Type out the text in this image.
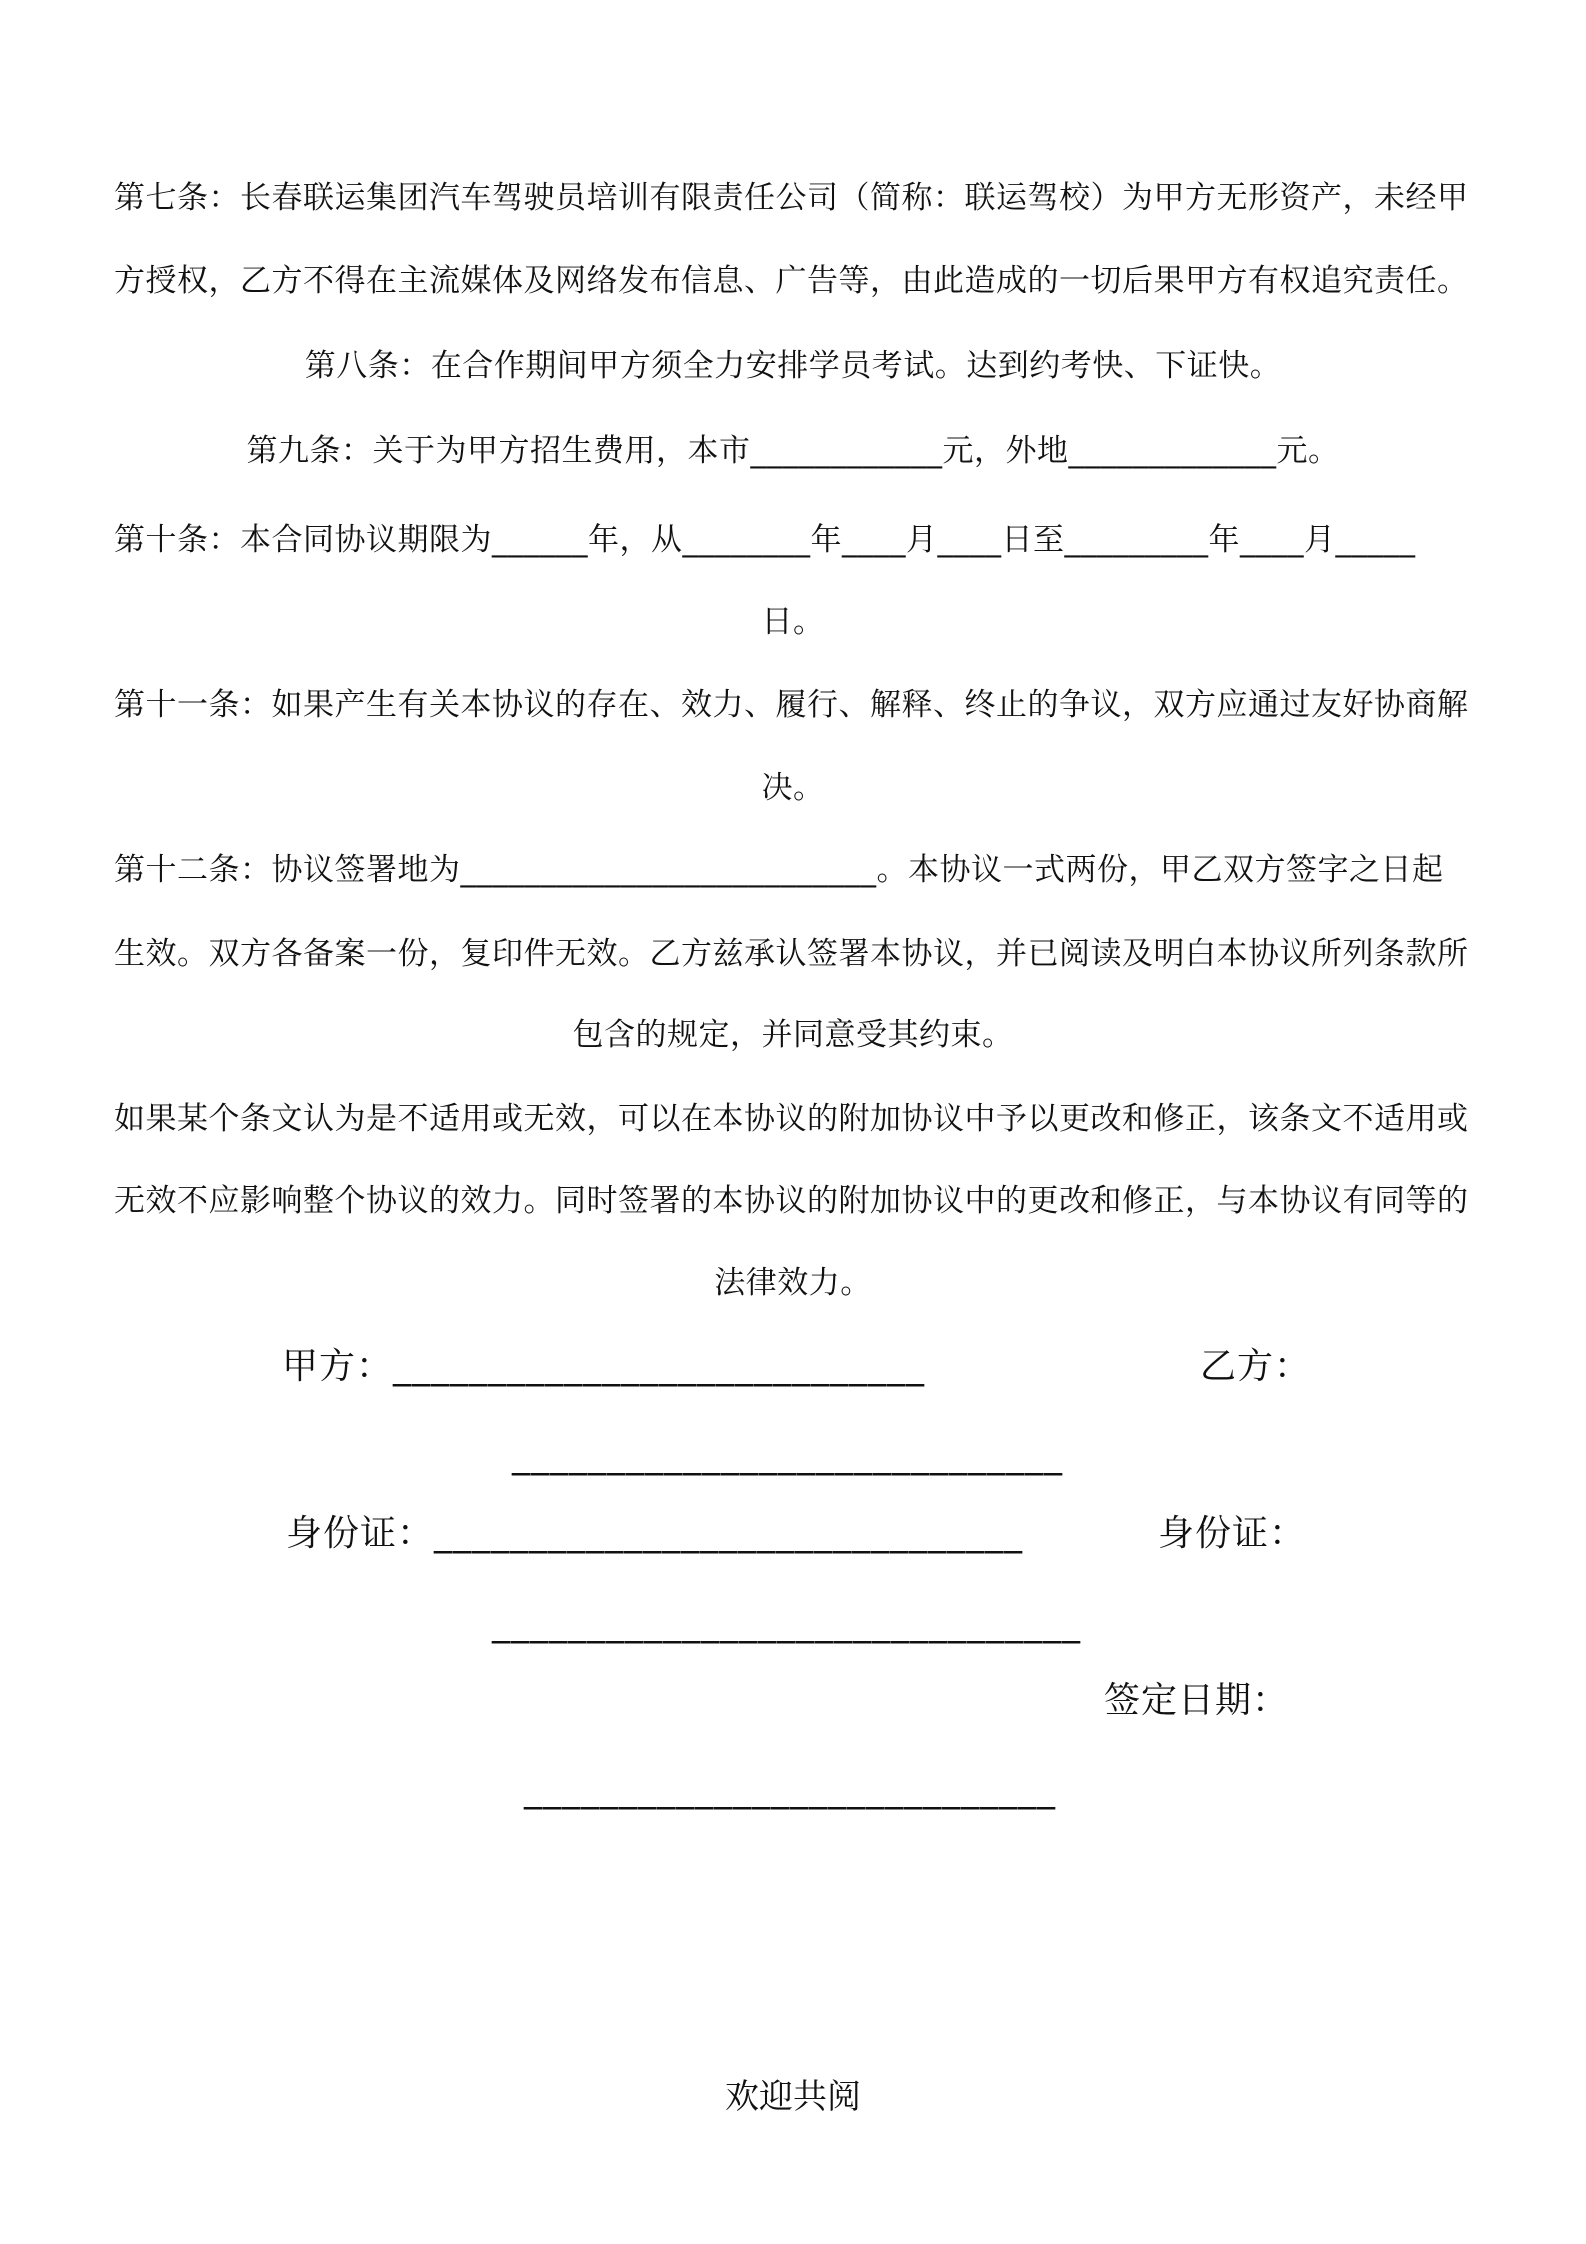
第七条：长春联运集团汽车驾驶员培训有限责任公司（简称：联运驾校）为甲方无形资产，未经甲
方授权，乙方不得在主流媒体及网络发布信息、广告等，由此造成的一切后果甲方有权追究责任。
第八条：在合作期间甲方须全力安排学员考试。达到约考快、下证快。
第九条：关于为甲方招生费用，本市____________元，外地_____________元。
第十条：本合同协议期限为______年，从________年____月____日至_________年____月_____
日。
第十一条：如果产生有关本协议的存在、效力、履行、解释、终止的争议，双方应通过友好协商解
决。
第十二条：协议签署地为__________________________。本协议一式两份，甲乙双方签字之日起
生效。双方各备案一份，复印件无效。乙方兹承认签署本协议，并已阅读及明白本协议所列条款所
包含的规定，并同意受其约束。
如果某个条文认为是不适用或无效，可以在本协议的附加协议中予以更改和修正，该条文不适用或
无效不应影响整个协议的效力。同时签署的本协议的附加协议中的更改和修正，与本协议有同等的
法律效力。
甲方：____________________________	乙方：
_____________________________
身份证：_______________________________	身份证：
_______________________________
签定日期：
____________________________
欢迎共阅
